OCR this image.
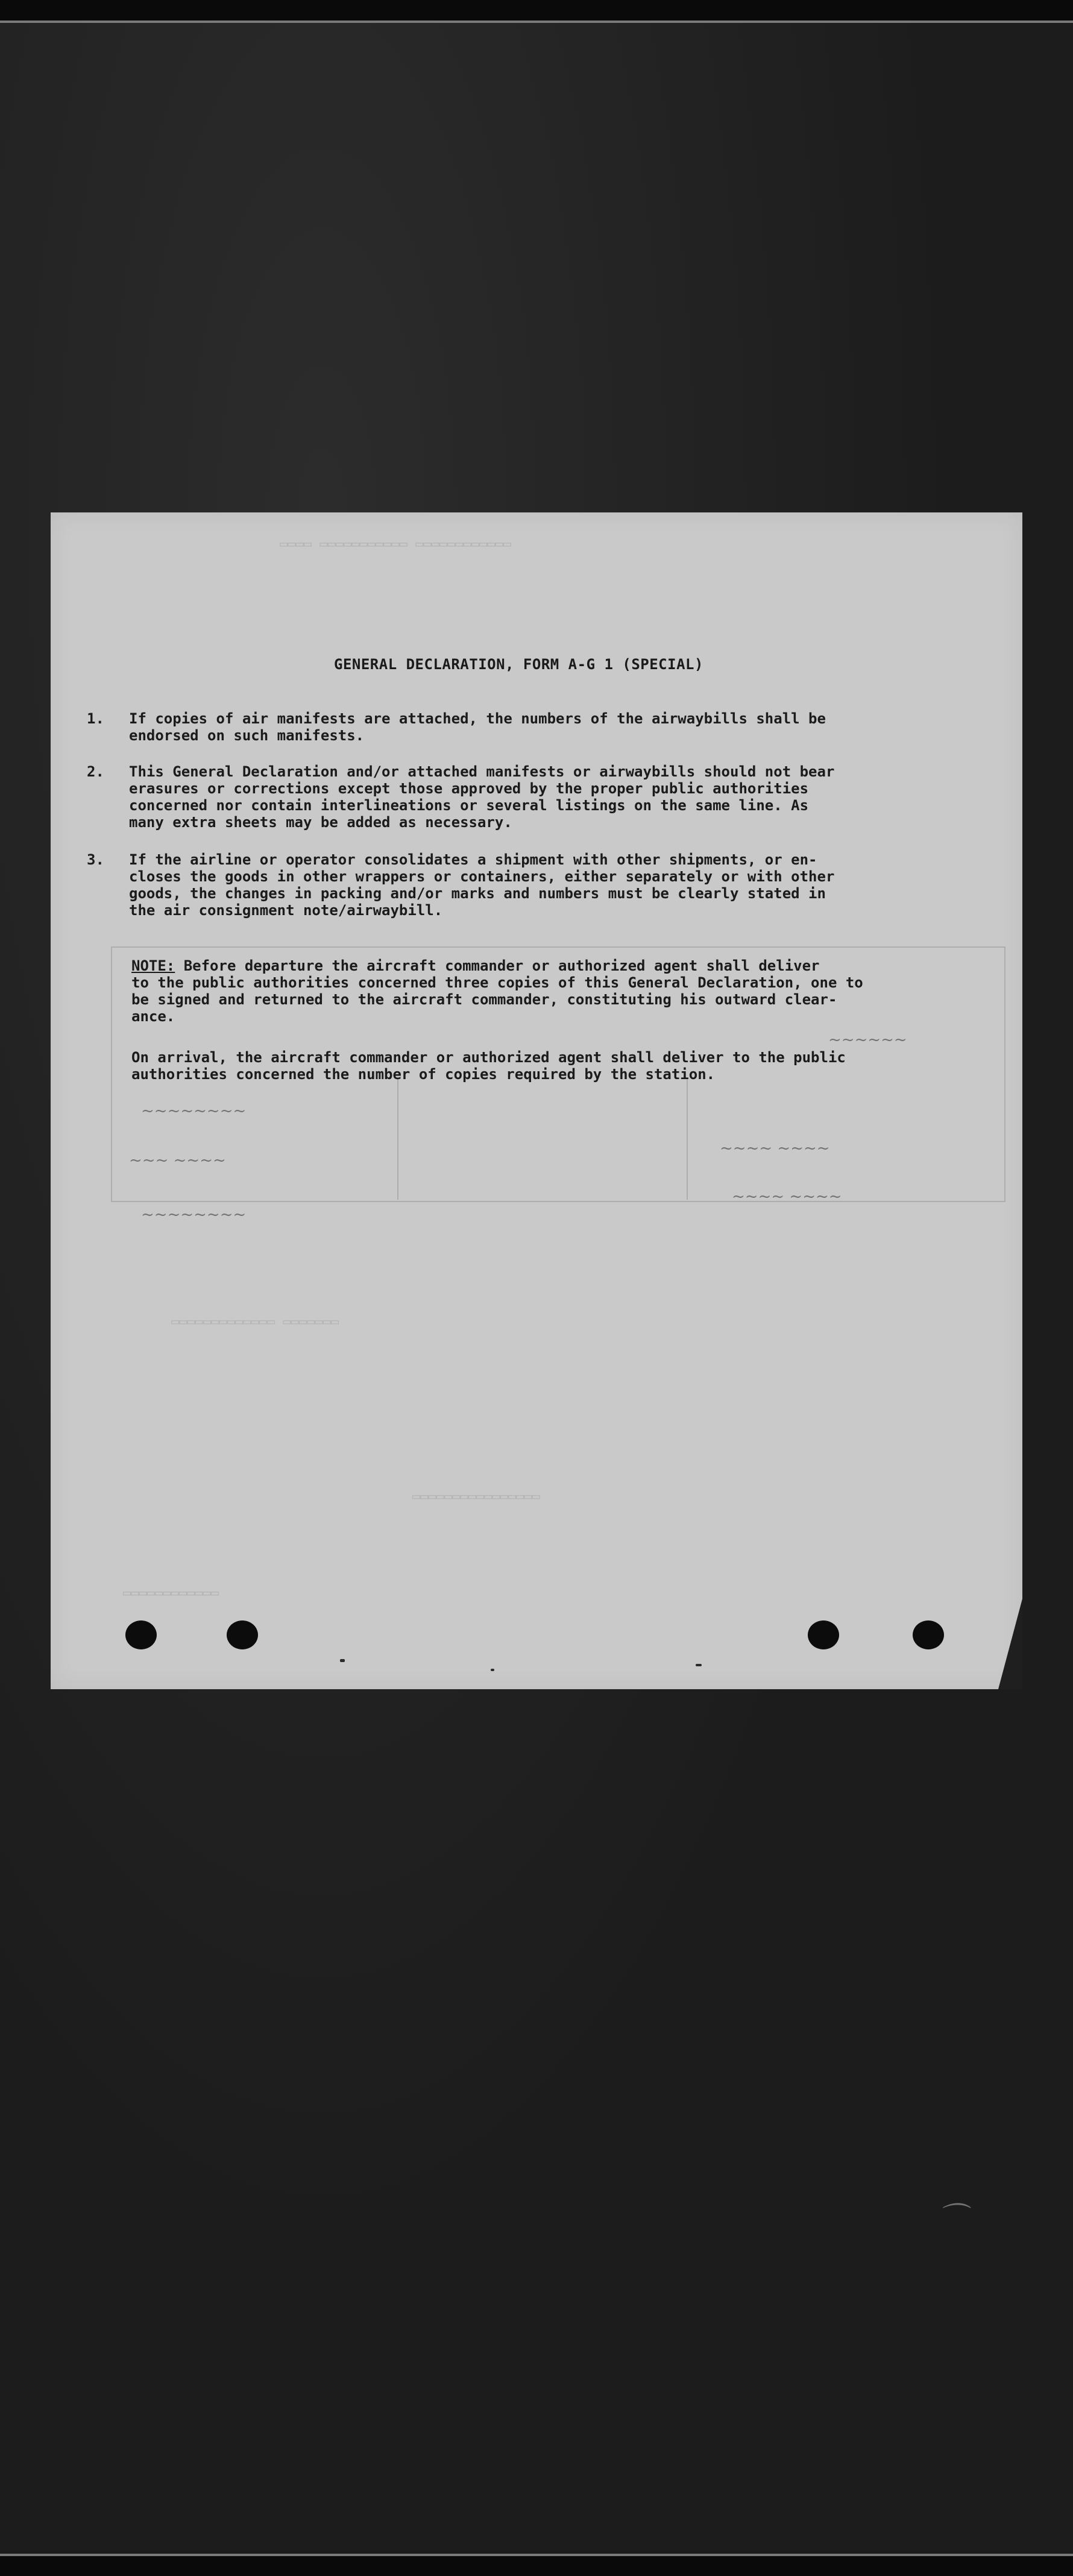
~~~~~~~~
~~~ ~~~~
~~~~~~~~
~~~~ ~~~~
~~~~ ~~~~
~~~~~~
GENERAL DECLARATION, FORM A-G 1 (SPECIAL)
1. If copies of air manifests are attached, the numbers of the airwaybills shall be
endorsed on such manifests.
2. This General Declaration and/or attached manifests or airwaybills should not bear
erasures or corrections except those approved by the proper public authorities
concerned nor contain interlineations or several listings on the same line. As
many extra sheets may be added as necessary.
3. If the airline or operator consolidates a shipment with other shipments, or en-
closes the goods in other wrappers or containers, either separately or with other
goods, the changes in packing and/or marks and numbers must be clearly stated in
the air consignment note/airwaybill.
NOTE: Before departure the aircraft commander or authorized agent shall deliver
to the public authorities concerned three copies of this General Declaration, one to
be signed and returned to the aircraft commander, constituting his outward clear-
ance.
On arrival, the aircraft commander or authorized agent shall deliver to the public
authorities concerned the number of copies required by the station.
▭▭▭▭ ▭▭▭▭▭▭▭▭▭▭▭ ▭▭▭▭▭▭▭▭▭▭▭▭
▭▭▭▭▭▭▭▭▭▭▭▭▭ ▭▭▭▭▭▭▭
▭▭▭▭▭▭▭▭▭▭▭▭▭▭▭▭
▭▭▭▭▭▭▭▭▭▭▭▭
⌒
